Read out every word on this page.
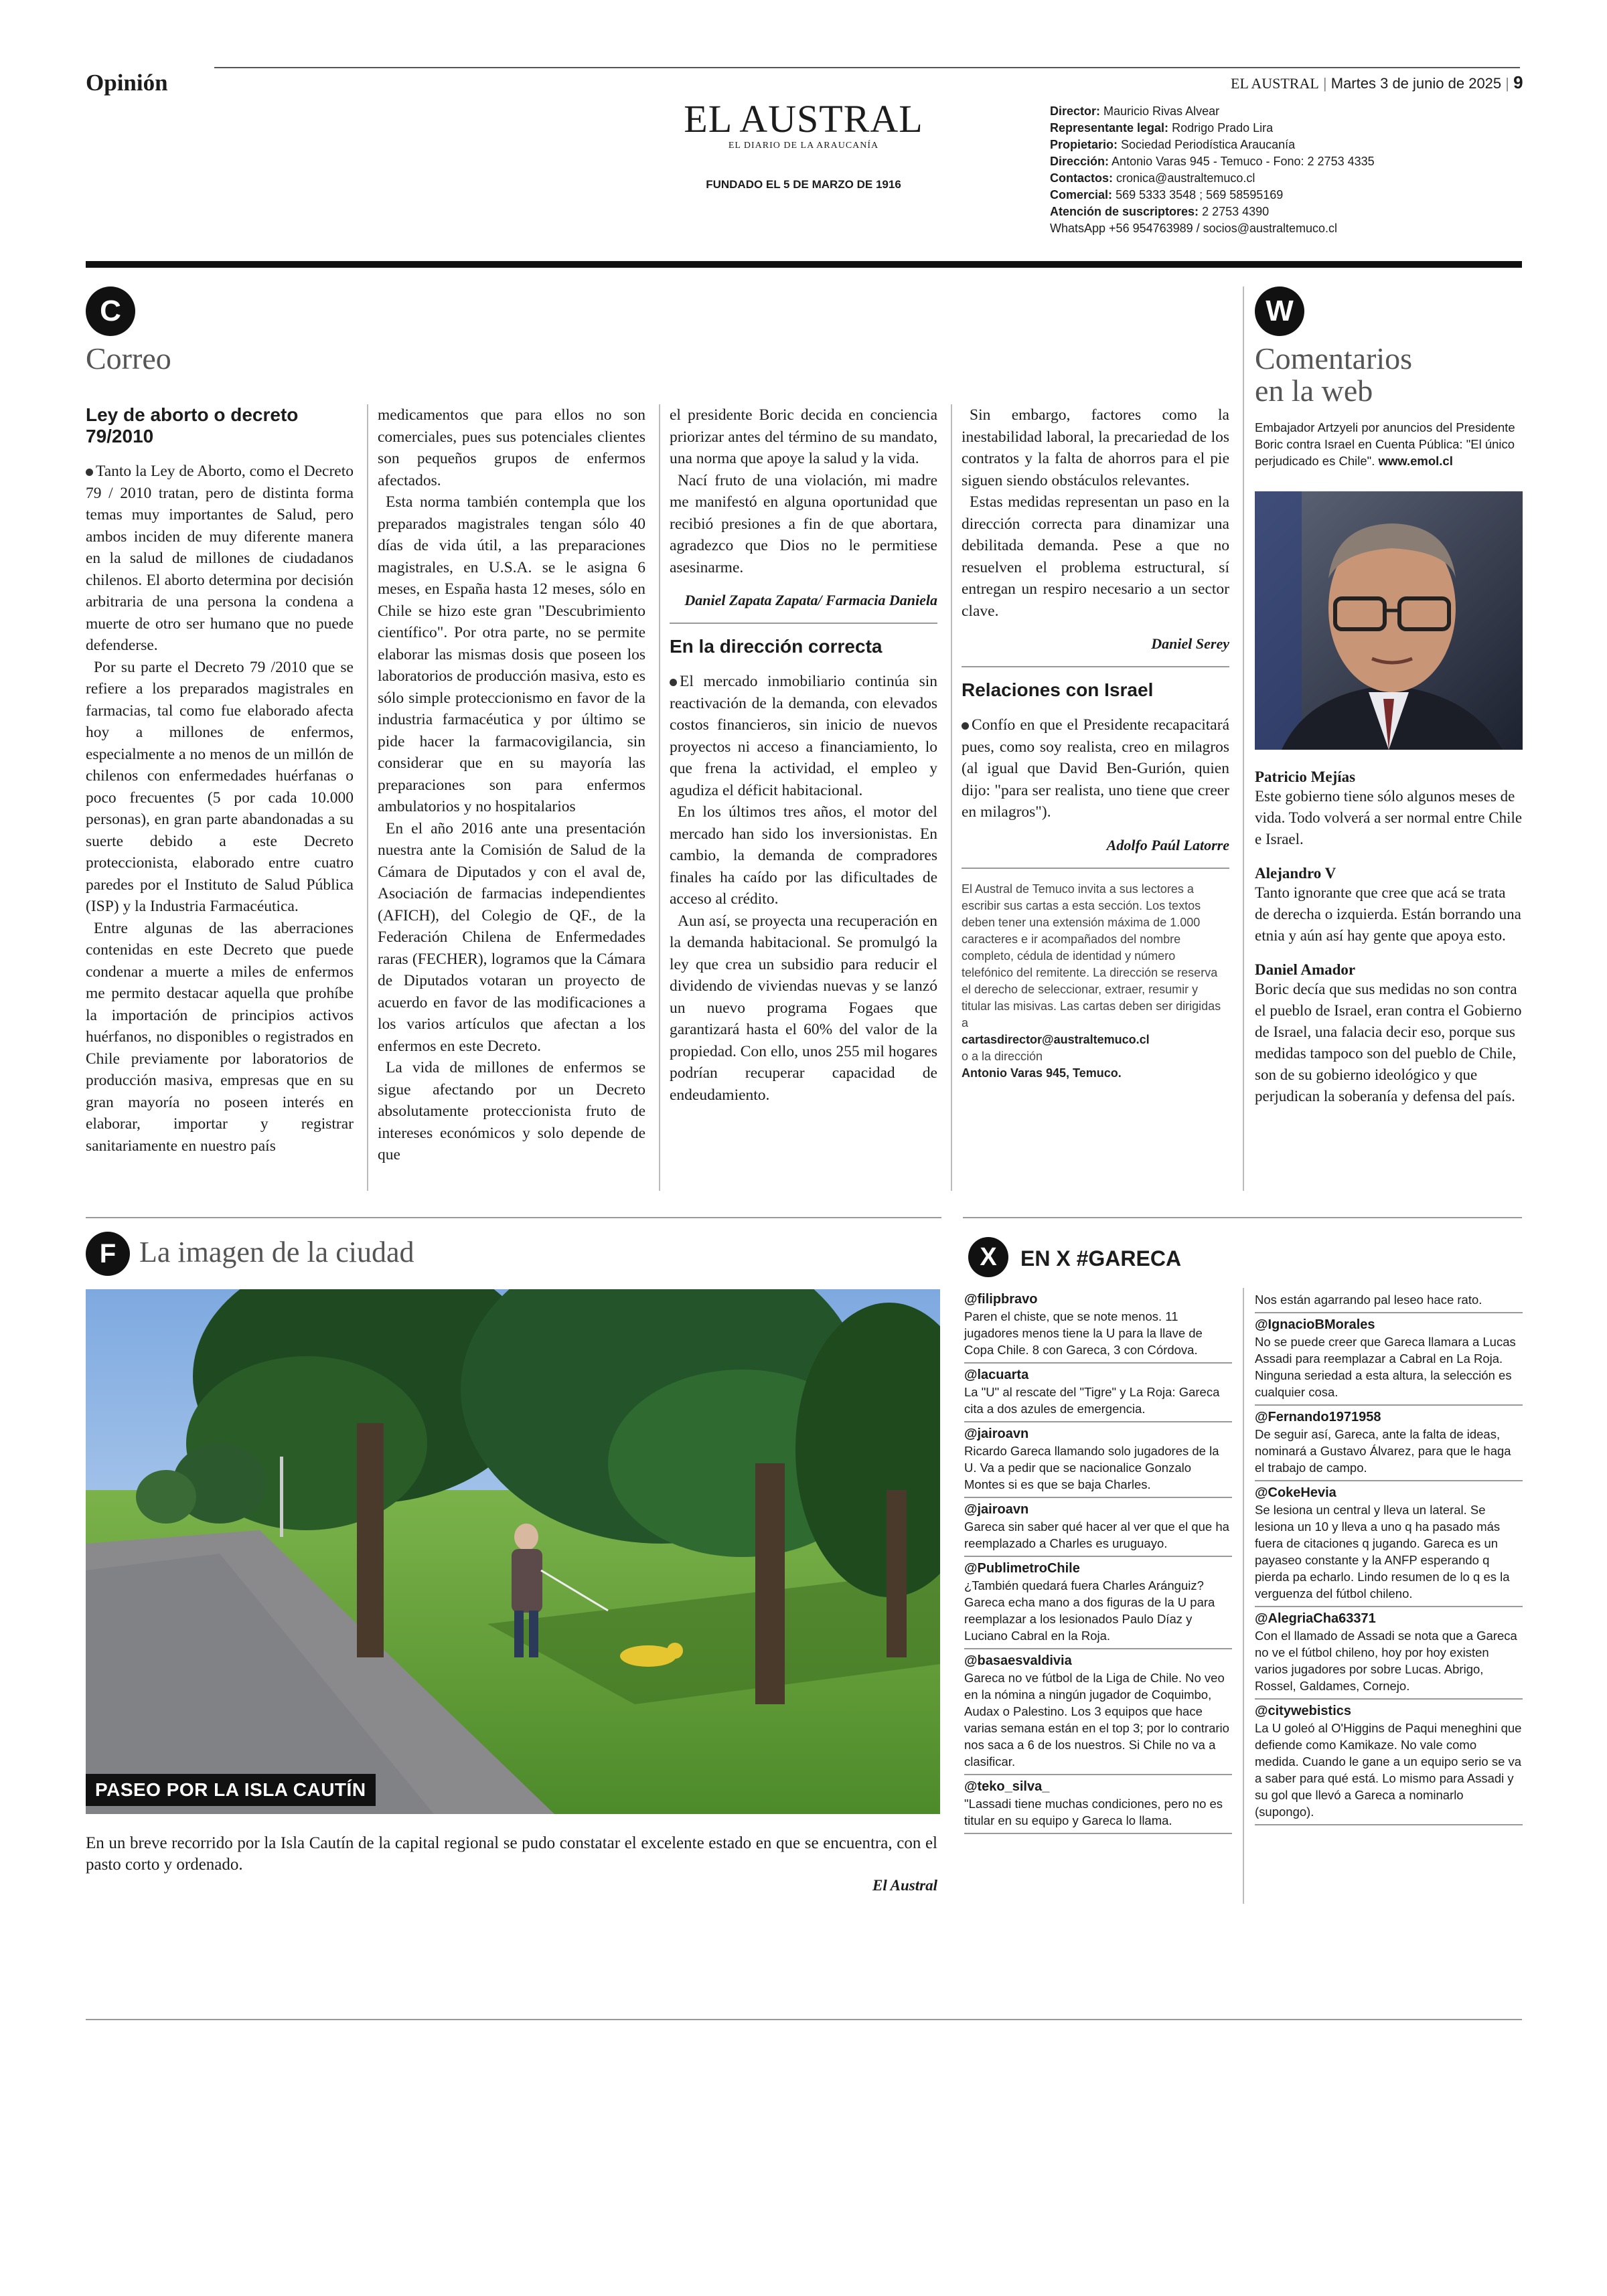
Opinión	EL AUSTRAL | Martes 3 de junio de 2025 | 9
EL AUSTRAL
EL DIARIO DE LA ARAUCANÍA
FUNDADO EL 5 DE MARZO DE 1916
Director: Mauricio Rivas Alvear
Representante legal: Rodrigo Prado Lira
Propietario: Sociedad Periodística Araucanía
Dirección: Antonio Varas 945 - Temuco - Fono: 2 2753 4335
Contactos: cronica@australtemuco.cl
Comercial: 569 5333 3548 ; 569 58595169
Atención de suscriptores: 2 2753 4390
WhatsApp +56 954763989 / socios@australtemuco.cl
C
Correo
Ley de aborto o decreto 79/2010

Tanto la Ley de Aborto, como el Decreto 79 / 2010 tratan, pero de distinta forma temas muy importantes de Salud, pero ambos inciden de muy diferente manera en la salud de millones de ciudadanos chilenos. El aborto determina por decisión arbitraria de una persona la condena a muerte de otro ser humano que no puede defenderse.

Por su parte el Decreto 79 /2010 que se refiere a los preparados magistrales en farmacias, tal como fue elaborado afecta hoy a millones de enfermos, especialmente a no menos de un millón de chilenos con enfermedades huérfanas o poco frecuentes (5 por cada 10.000 personas), en gran parte abandonadas a su suerte debido a este Decreto proteccionista, elaborado entre cuatro paredes por el Instituto de Salud Pública (ISP) y la Industria Farmacéutica.

Entre algunas de las aberraciones contenidas en este Decreto que puede condenar a muerte a miles de enfermos me permito destacar aquella que prohíbe la importación de principios activos huérfanos, no disponibles o registrados en Chile previamente por laboratorios de producción masiva, empresas que en su gran mayoría no poseen interés en elaborar, importar y registrar sanitariamente en nuestro país

medicamentos que para ellos no son comerciales, pues sus potenciales clientes son pequeños grupos de enfermos afectados.

Esta norma también contempla que los preparados magistrales tengan sólo 40 días de vida útil, a las preparaciones magistrales, en U.S.A. se le asigna 6 meses, en España hasta 12 meses, sólo en Chile se hizo este gran "Descubrimiento científico". Por otra parte, no se permite elaborar las mismas dosis que poseen los laboratorios de producción masiva, esto es sólo simple proteccionismo en favor de la industria farmacéutica y por último se pide hacer la farmacovigilancia, sin considerar que en su mayoría las preparaciones son para enfermos ambulatorios y no hospitalarios

En el año 2016 ante una presentación nuestra ante la Comisión de Salud de la Cámara de Diputados y con el aval de, Asociación de farmacias independientes (AFICH), del Colegio de QF., de la Federación Chilena de Enfermedades raras (FECHER), logramos que la Cámara de Diputados votaran un proyecto de acuerdo en favor de las modificaciones a los varios artículos que afectan a los enfermos en este Decreto.

La vida de millones de enfermos se sigue afectando por un Decreto absolutamente proteccionista fruto de intereses económicos y solo depende de que

el presidente Boric decida en conciencia priorizar antes del término de su mandato, una norma que apoye la salud y la vida.

Nací fruto de una violación, mi madre me manifestó en alguna oportunidad que recibió presiones a fin de que abortara, agradezco que Dios no le permitiese asesinarme.

Daniel Zapata Zapata/ Farmacia Daniela
En la dirección correcta

El mercado inmobiliario continúa sin reactivación de la demanda, con elevados costos financieros, sin inicio de nuevos proyectos ni acceso a financiamiento, lo que frena la actividad, el empleo y agudiza el déficit habitacional.

En los últimos tres años, el motor del mercado han sido los inversionistas. En cambio, la demanda de compradores finales ha caído por las dificultades de acceso al crédito.

Aun así, se proyecta una recuperación en la demanda habitacional. Se promulgó la ley que crea un subsidio para reducir el dividendo de viviendas nuevas y se lanzó un nuevo programa Fogaes que garantizará hasta el 60% del valor de la propiedad. Con ello, unos 255 mil hogares podrían recuperar capacidad de endeudamiento.

Sin embargo, factores como la inestabilidad laboral, la precariedad de los contratos y la falta de ahorros para el pie siguen siendo obstáculos relevantes.

Estas medidas representan un paso en la dirección correcta para dinamizar una debilitada demanda. Pese a que no resuelven el problema estructural, sí entregan un respiro necesario a un sector clave.

Daniel Serey
Relaciones con Israel

Confío en que el Presidente recapacitará pues, como soy realista, creo en milagros (al igual que David Ben-Gurión, quien dijo: "para ser realista, uno tiene que creer en milagros").

Adolfo Paúl Latorre
El Austral de Temuco invita a sus lectores a escribir sus cartas a esta sección. Los textos deben tener una extensión máxima de 1.000 caracteres e ir acompañados del nombre completo, cédula de identidad y número telefónico del remitente. La dirección se reserva el derecho de seleccionar, extraer, resumir y titular las misivas. Las cartas deben ser dirigidas a
cartasdirector@australtemuco.cl
o a la dirección
Antonio Varas 945, Temuco.
W
Comentarios
en la web
Embajador Artzyeli por anuncios del Presidente Boric contra Israel en Cuenta Pública: "El único perjudicado es Chile". www.emol.cl
Patricio Mejías
Este gobierno tiene sólo algunos meses de vida. Todo volverá a ser normal entre Chile e Israel.
Alejandro V
Tanto ignorante que cree que acá se trata de derecha o izquierda. Están borrando una etnia y aún así hay gente que apoya esto.
Daniel Amador
Boric decía que sus medidas no son contra el pueblo de Israel, eran contra el Gobierno de Israel, una falacia decir eso, porque sus medidas tampoco son del pueblo de Chile, son de su gobierno ideológico y que perjudican la soberanía y defensa del país.
F La imagen de la ciudad
PASEO POR LA ISLA CAUTÍN
En un breve recorrido por la Isla Cautín de la capital regional se pudo constatar el excelente estado en que se encuentra, con el pasto corto y ordenado.
El Austral
X	EN X #GARECA
@filipbravo
Paren el chiste, que se note menos. 11 jugadores menos tiene la U para la llave de Copa Chile. 8 con Gareca, 3 con Córdova.
@lacuarta
La "U" al rescate del "Tigre" y La Roja: Gareca cita a dos azules de emergencia.
@jairoavn
Ricardo Gareca llamando solo jugadores de la U. Va a pedir que se nacionalice Gonzalo Montes si es que se baja Charles.
@jairoavn
Gareca sin saber qué hacer al ver que el que ha reemplazado a Charles es uruguayo.
@PublimetroChile
¿También quedará fuera Charles Aránguiz? Gareca echa mano a dos figuras de la U para reemplazar a los lesionados Paulo Díaz y Luciano Cabral en la Roja.
@basaesvaldivia
Gareca no ve fútbol de la Liga de Chile. No veo en la nómina a ningún jugador de Coquimbo, Audax o Palestino. Los 3 equipos que hace varias semana están en el top 3; por lo contrario nos saca a 6 de los nuestros. Si Chile no va a clasificar.
@teko_silva_
"Lassadi tiene muchas condiciones, pero no es titular en su equipo y Gareca lo llama.
Nos están agarrando pal leseo hace rato.
@IgnacioBMorales
No se puede creer que Gareca llamara a Lucas Assadi para reemplazar a Cabral en La Roja. Ninguna seriedad a esta altura, la selección es cualquier cosa.
@Fernando1971958
De seguir así, Gareca, ante la falta de ideas, nominará a Gustavo Álvarez, para que le haga el trabajo de campo.
@CokeHevia
Se lesiona un central y lleva un lateral. Se lesiona un 10 y lleva a uno q ha pasado más fuera de citaciones q jugando. Gareca es un payaseo constante y la ANFP esperando q pierda pa echarlo. Lindo resumen de lo q es la verguenza del fútbol chileno.
@AlegriaCha63371
Con el llamado de Assadi se nota que a Gareca no ve el fútbol chileno, hoy por hoy existen varios jugadores por sobre Lucas. Abrigo, Rossel, Galdames, Cornejo.
@citywebistics
La U goleó al O'Higgins de Paqui meneghini que defiende como Kamikaze. No vale como medida. Cuando le gane a un equipo serio se va a saber para qué está. Lo mismo para Assadi y su gol que llevó a Gareca a nominarlo (supongo).
